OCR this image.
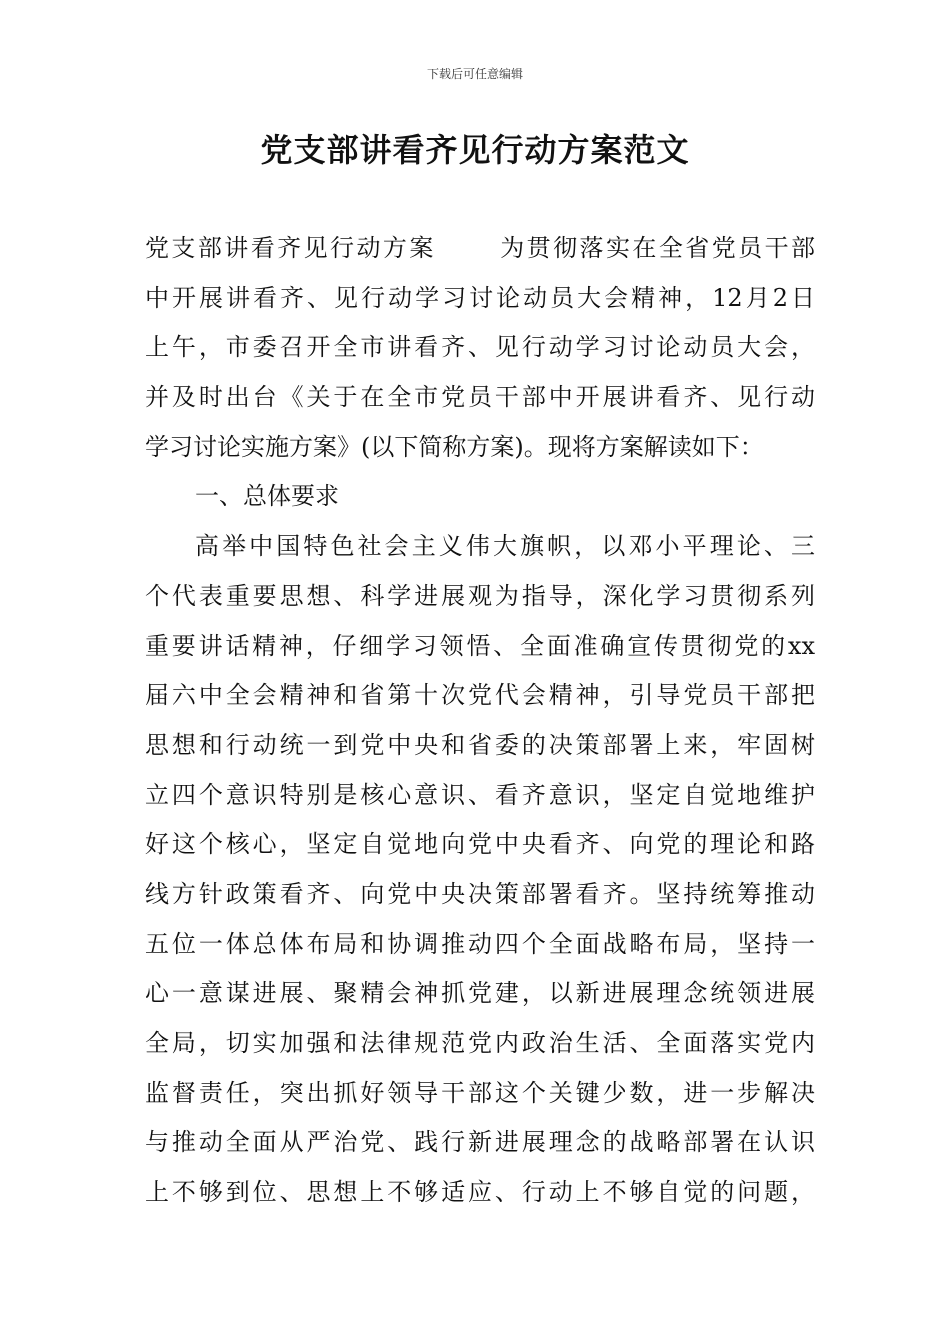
下载后可任意编辑
党支部讲看齐见行动方案范文
党支部讲看齐见行动方案	为贯彻落实在全省党员干部
中开展讲看齐、见行动学习讨论动员大会精神，12月2日
上午，市委召开全市讲看齐、见行动学习讨论动员大会，
并及时出台《关于在全市党员干部中开展讲看齐、见行动
学习讨论实施方案》(以下简称方案)。现将方案解读如下：
一、总体要求
高举中国特色社会主义伟大旗帜，以邓小平理论、三
个代表重要思想、科学进展观为指导，深化学习贯彻系列
重要讲话精神，仔细学习领悟、全面准确宣传贯彻党的xx
届六中全会精神和省第十次党代会精神，引导党员干部把
思想和行动统一到党中央和省委的决策部署上来，牢固树
立四个意识特别是核心意识、看齐意识，坚定自觉地维护
好这个核心，坚定自觉地向党中央看齐、向党的理论和路
线方针政策看齐、向党中央决策部署看齐。坚持统筹推动
五位一体总体布局和协调推动四个全面战略布局，坚持一
心一意谋进展、聚精会神抓党建，以新进展理念统领进展
全局，切实加强和法律规范党内政治生活、全面落实党内
监督责任，突出抓好领导干部这个关键少数，进一步解决
与推动全面从严治党、践行新进展理念的战略部署在认识
上不够到位、思想上不够适应、行动上不够自觉的问题，
